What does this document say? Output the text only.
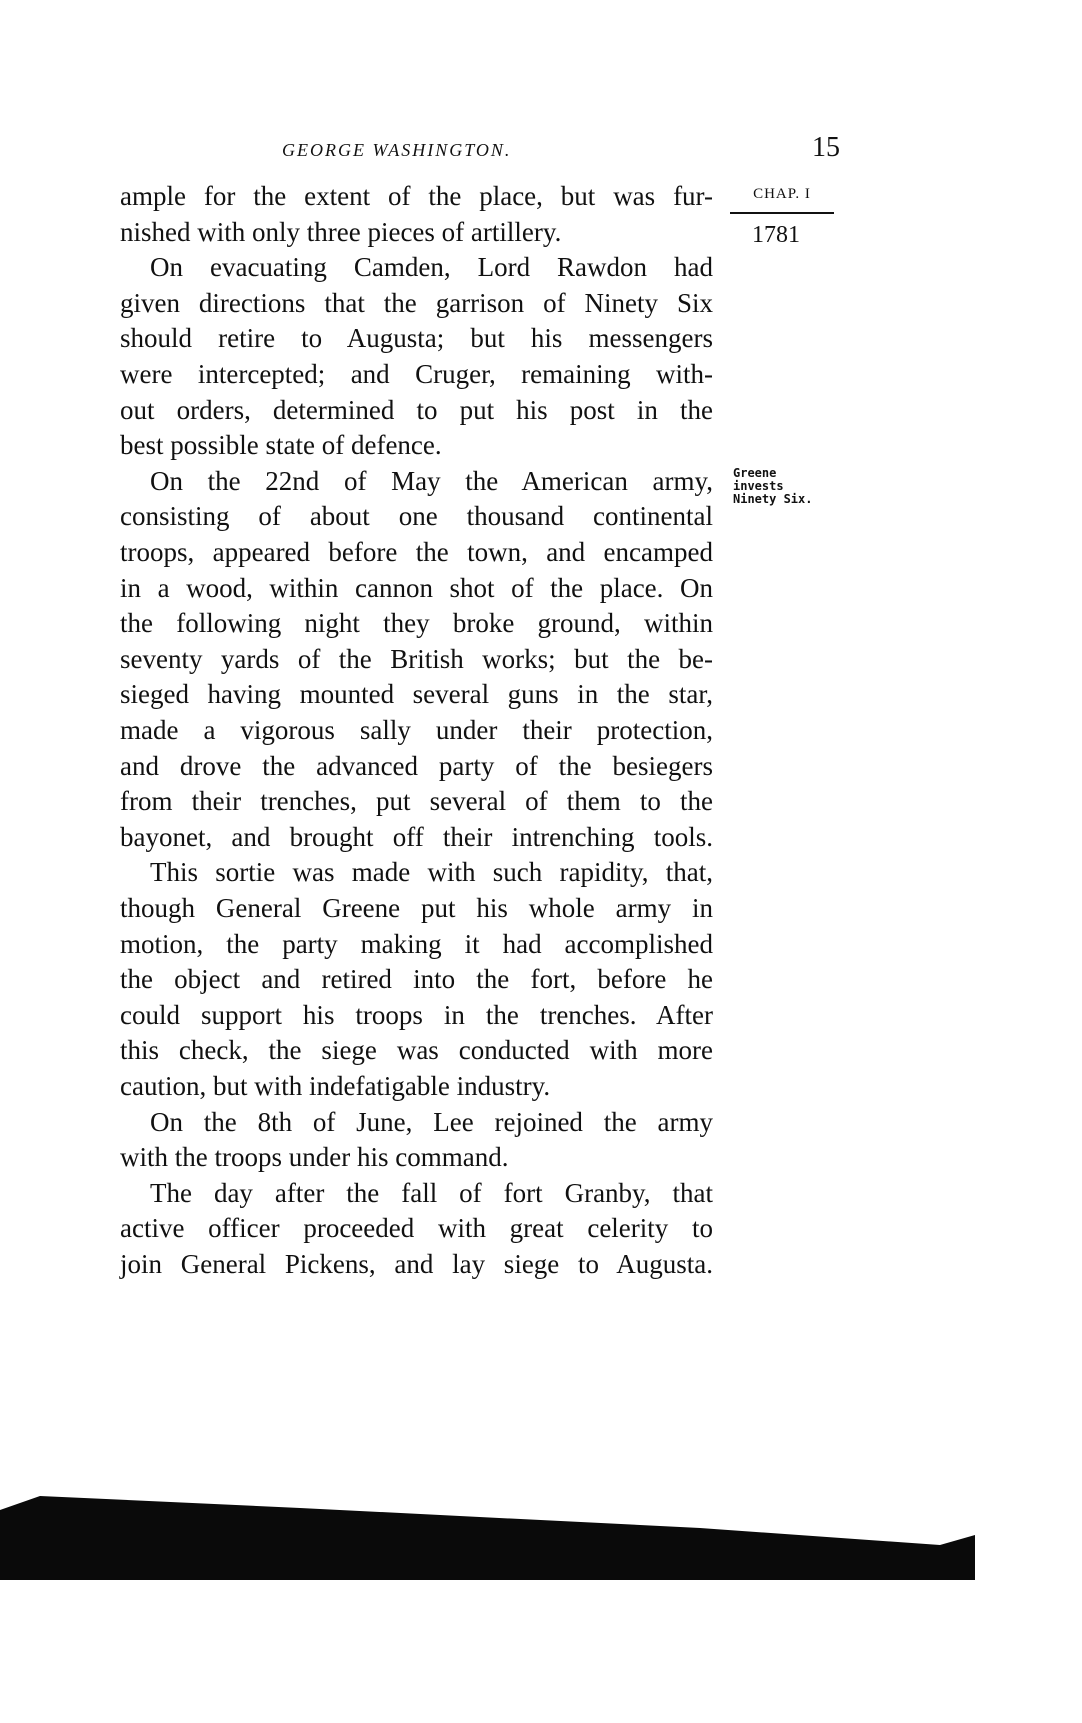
GEORGE WASHINGTON.	15
CHAP. I
1781
Greene
invests
Ninety Six.
ample for the extent of the place, but was fur-
nished with only three pieces of artillery.
On evacuating Camden, Lord Rawdon had
given directions that the garrison of Ninety Six
should retire to Augusta; but his messengers
were intercepted; and Cruger, remaining with-
out orders, determined to put his post in the
best possible state of defence.
On the 22nd of May the American army,
consisting of about one thousand continental
troops, appeared before the town, and encamped
in a wood, within cannon shot of the place. On
the following night they broke ground, within
seventy yards of the British works; but the be-
sieged having mounted several guns in the star,
made a vigorous sally under their protection,
and drove the advanced party of the besiegers
from their trenches, put several of them to the
bayonet, and brought off their intrenching tools.
This sortie was made with such rapidity, that,
though General Greene put his whole army in
motion, the party making it had accomplished
the object and retired into the fort, before he
could support his troops in the trenches. After
this check, the siege was conducted with more
caution, but with indefatigable industry.
On the 8th of June, Lee rejoined the army
with the troops under his command.
The day after the fall of fort Granby, that
active officer proceeded with great celerity to
join General Pickens, and lay siege to Augusta.
